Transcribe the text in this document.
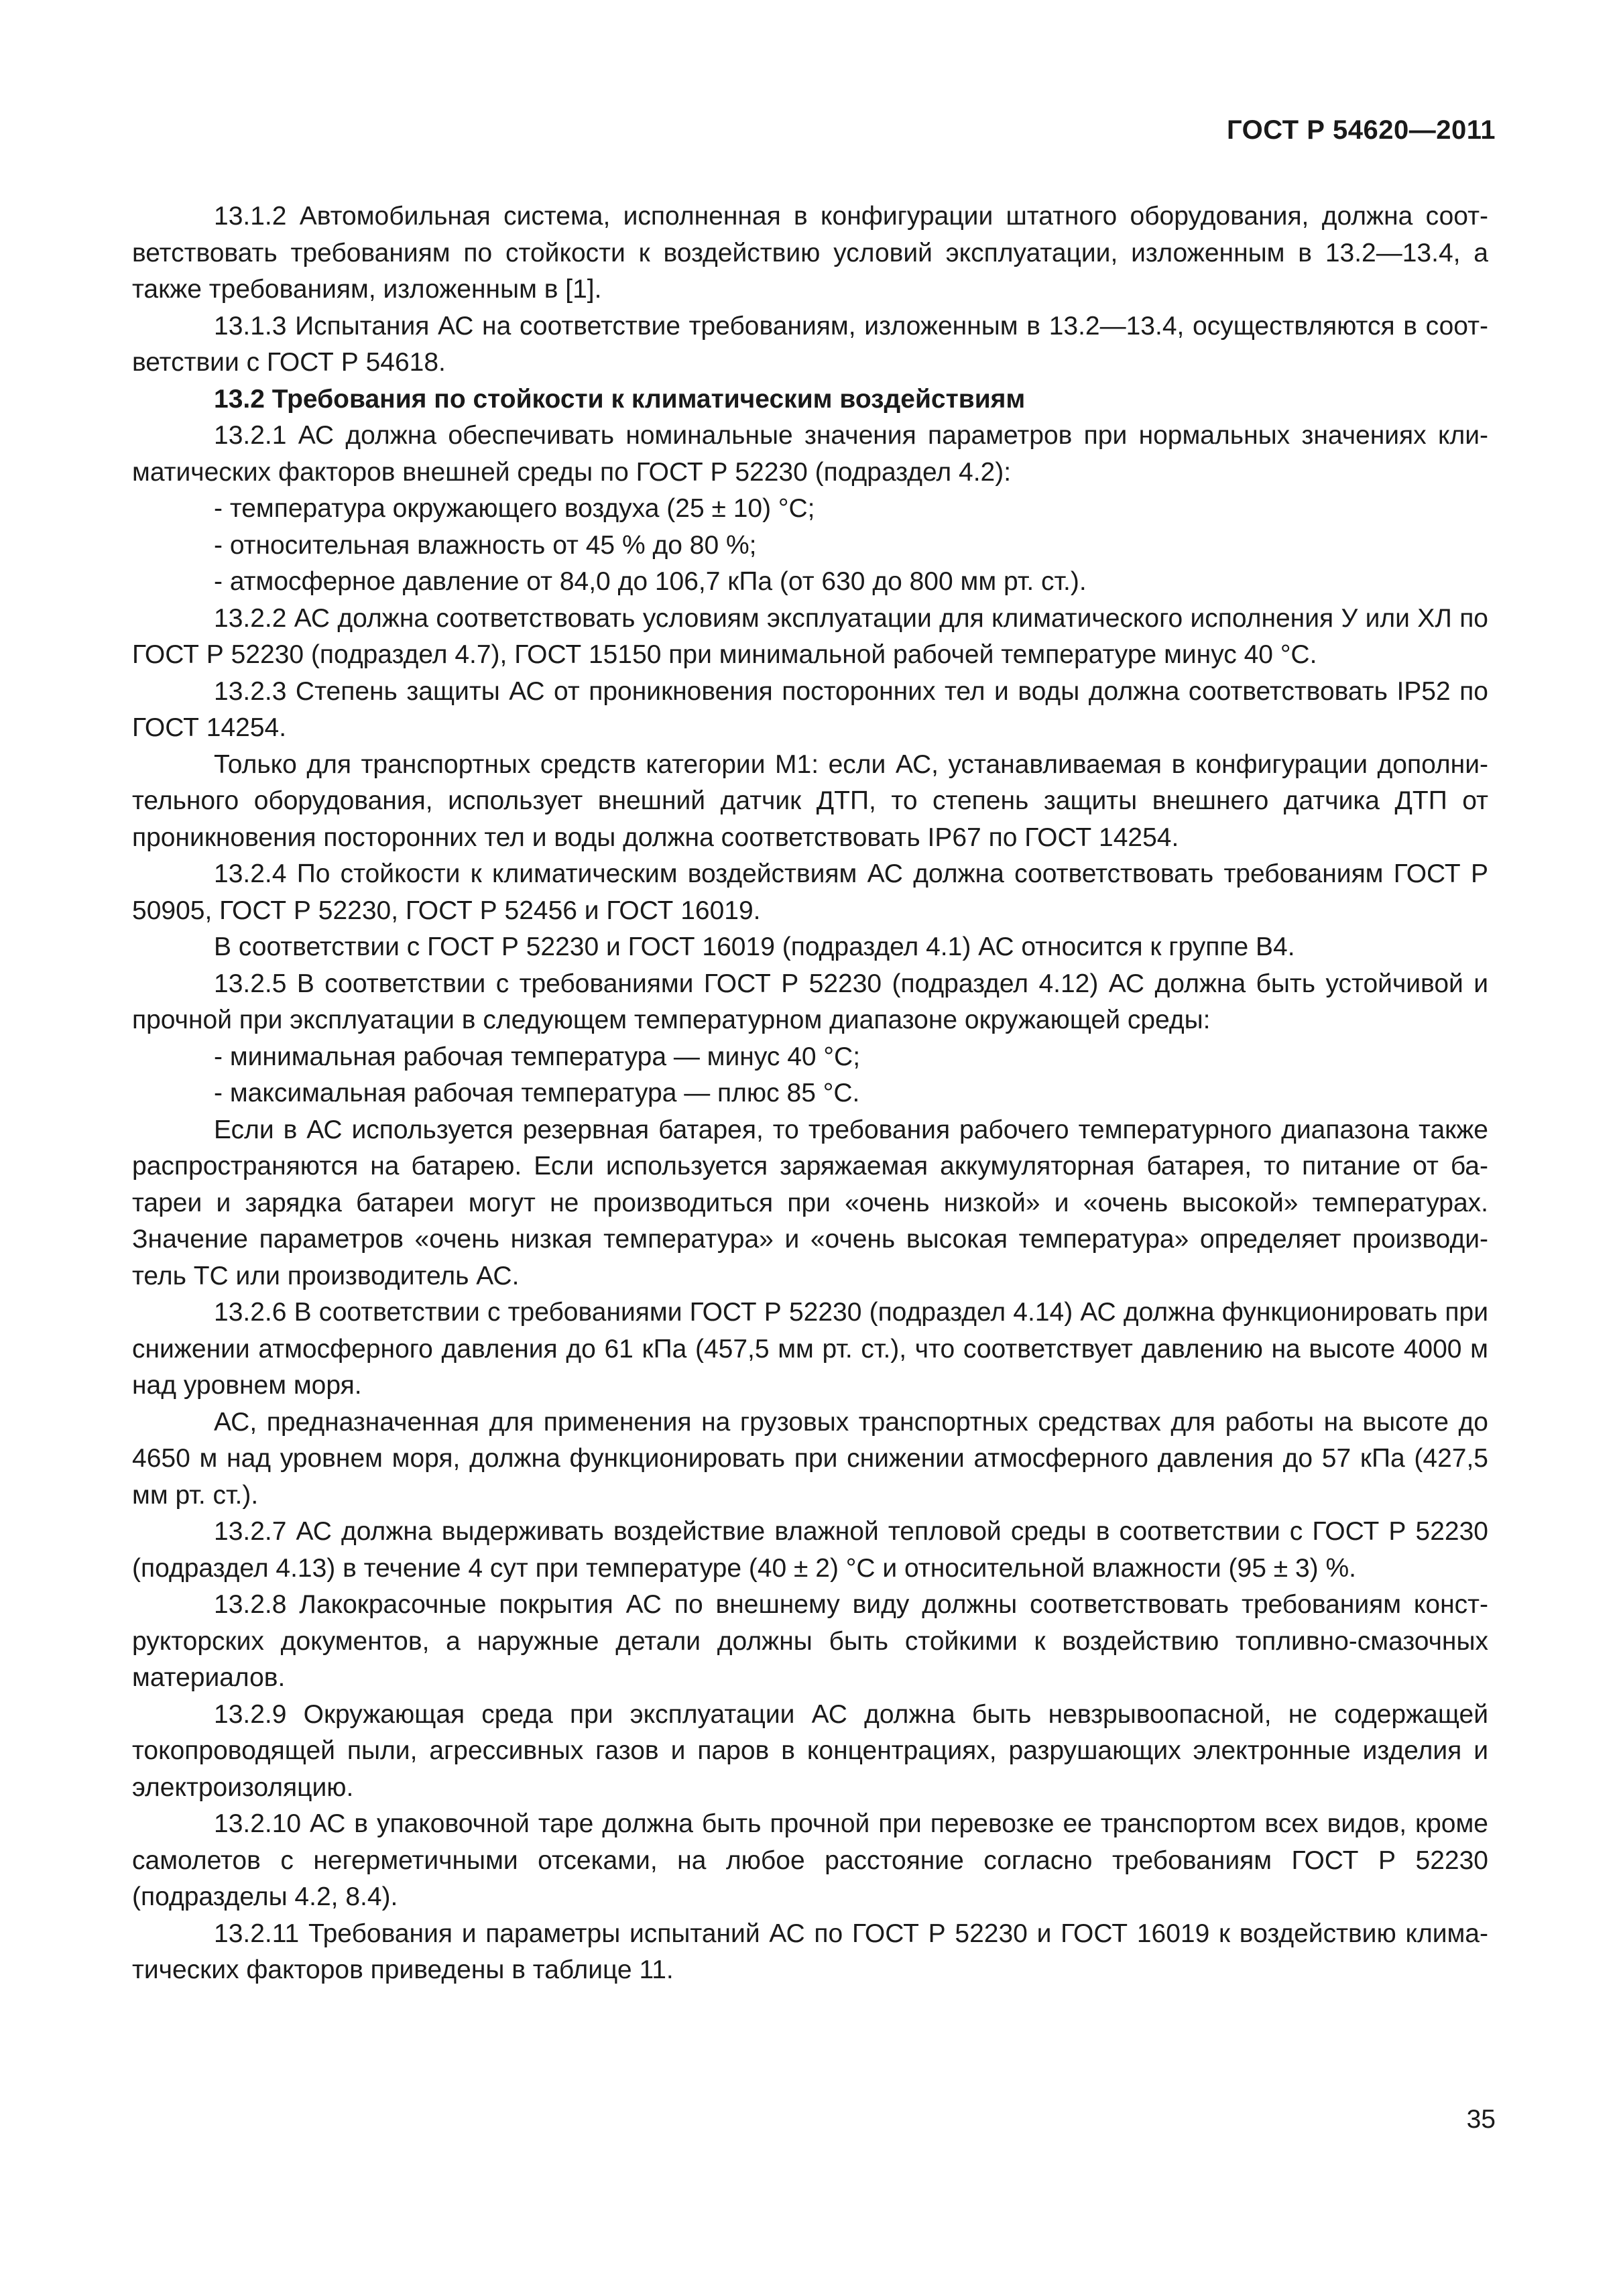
ГОСТ Р 54620—2011

13.1.2 Автомобильная система, исполненная в конфигурации штатного оборудования, должна соответствовать требованиям по стойкости к воздействию условий эксплуатации, изложенным в 13.2—13.4, а также требованиям, изложенным в [1].

13.1.3 Испытания АС на соответствие требованиям, изложенным в 13.2—13.4, осуществляются в соответствии с ГОСТ Р 54618.

13.2 Требования по стойкости к климатическим воздействиям

13.2.1 АС должна обеспечивать номинальные значения параметров при нормальных значениях климатических факторов внешней среды по ГОСТ Р 52230 (подраздел 4.2):

- температура окружающего воздуха (25 ± 10) °С;

- относительная влажность от 45 % до 80 %;

- атмосферное давление от 84,0 до 106,7 кПа (от 630 до 800 мм рт. ст.).

13.2.2 АС должна соответствовать условиям эксплуатации для климатического исполнения У или ХЛ по ГОСТ Р 52230 (подраздел 4.7), ГОСТ 15150 при минимальной рабочей температуре минус 40 °С.

13.2.3 Степень защиты АС от проникновения посторонних тел и воды должна соответствовать IP52 по ГОСТ 14254.

Только для транспортных средств категории М1: если АС, устанавливаемая в конфигурации дополнительного оборудования, использует внешний датчик ДТП, то степень защиты внешнего датчика ДТП от проникновения посторонних тел и воды должна соответствовать IP67 по ГОСТ 14254.

13.2.4 По стойкости к климатическим воздействиям АС должна соответствовать требованиям ГОСТ Р 50905, ГОСТ Р 52230, ГОСТ Р 52456 и ГОСТ 16019.

В соответствии с ГОСТ Р 52230 и ГОСТ 16019 (подраздел 4.1) АС относится к группе В4.

13.2.5 В соответствии с требованиями ГОСТ Р 52230 (подраздел 4.12) АС должна быть устойчивой и прочной при эксплуатации в следующем температурном диапазоне окружающей среды:

- минимальная рабочая температура — минус 40 °С;

- максимальная рабочая температура — плюс 85 °С.

Если в АС используется резервная батарея, то требования рабочего температурного диапазона также распространяются на батарею. Если используется заряжаемая аккумуляторная батарея, то питание от батареи и зарядка батареи могут не производиться при «очень низкой» и «очень высокой» температурах. Значение параметров «очень низкая температура» и «очень высокая температура» определяет производитель ТС или производитель АС.

13.2.6 В соответствии с требованиями ГОСТ Р 52230 (подраздел 4.14) АС должна функционировать при снижении атмосферного давления до 61 кПа (457,5 мм рт. ст.), что соответствует давлению на высоте 4000 м над уровнем моря.

АС, предназначенная для применения на грузовых транспортных средствах для работы на высоте до 4650 м над уровнем моря, должна функционировать при снижении атмосферного давления до 57 кПа (427,5 мм рт. ст.).

13.2.7 АС должна выдерживать воздействие влажной тепловой среды в соответствии с ГОСТ Р 52230 (подраздел 4.13) в течение 4 сут при температуре (40 ± 2) °С и относительной влажности (95 ± 3) %.

13.2.8 Лакокрасочные покрытия АС по внешнему виду должны соответствовать требованиям конструкторских документов, а наружные детали должны быть стойкими к воздействию топливно-смазочных материалов.

13.2.9 Окружающая среда при эксплуатации АС должна быть невзрывоопасной, не содержащей токопроводящей пыли, агрессивных газов и паров в концентрациях, разрушающих электронные изделия и электроизоляцию.

13.2.10 АС в упаковочной таре должна быть прочной при перевозке ее транспортом всех видов, кроме самолетов с негерметичными отсеками, на любое расстояние согласно требованиям ГОСТ Р 52230 (подразделы 4.2, 8.4).

13.2.11 Требования и параметры испытаний АС по ГОСТ Р 52230 и ГОСТ 16019 к воздействию климатических факторов приведены в таблице 11.

35
